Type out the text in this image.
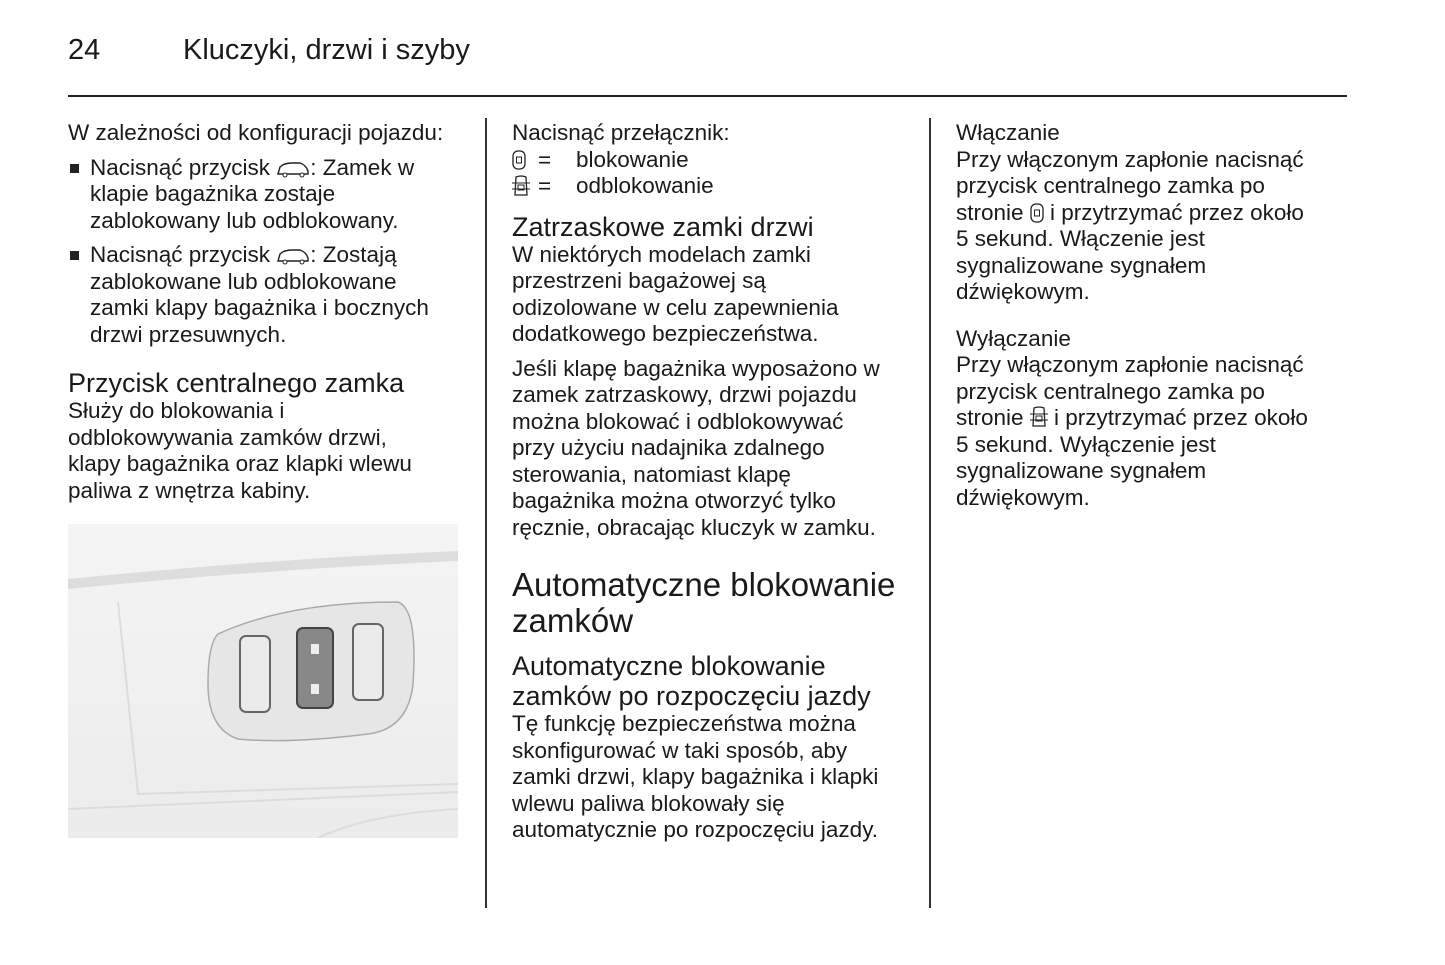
24	Kluczyki, drzwi i szyby

W zależności od konfiguracji pojazdu:

Nacisnąć przycisk : Zamek w
klapie bagażnika zostaje
zablokowany lub odblokowany.
Nacisnąć przycisk : Zostają
zablokowane lub odblokowane
zamki klapy bagażnika i bocznych
drzwi przesuwnych.

Przycisk centralnego zamka

Służy do blokowania i
odblokowywania zamków drzwi,
klapy bagażnika oraz klapki wlewu
paliwa z wnętrza kabiny.

Nacisnąć przełącznik:

=	blokowanie
=	odblokowanie

Zatrzaskowe zamki drzwi

W niektórych modelach zamki
przestrzeni bagażowej są
odizolowane w celu zapewnienia
dodatkowego bezpieczeństwa.

Jeśli klapę bagażnika wyposażono w
zamek zatrzaskowy, drzwi pojazdu
można blokować i odblokowywać
przy użyciu nadajnika zdalnego
sterowania, natomiast klapę
bagażnika można otworzyć tylko
ręcznie, obracając kluczyk w zamku.

Automatyczne blokowanie
zamków

Automatyczne blokowanie
zamków po rozpoczęciu jazdy

Tę funkcję bezpieczeństwa można
skonfigurować w taki sposób, aby
zamki drzwi, klapy bagażnika i klapki
wlewu paliwa blokowały się
automatycznie po rozpoczęciu jazdy.

Włączanie

Przy włączonym zapłonie nacisnąć
przycisk centralnego zamka po
stronie  i przytrzymać przez około
5 sekund. Włączenie jest
sygnalizowane sygnałem
dźwiękowym.

Wyłączanie

Przy włączonym zapłonie nacisnąć
przycisk centralnego zamka po
stronie  i przytrzymać przez około
5 sekund. Wyłączenie jest
sygnalizowane sygnałem
dźwiękowym.
